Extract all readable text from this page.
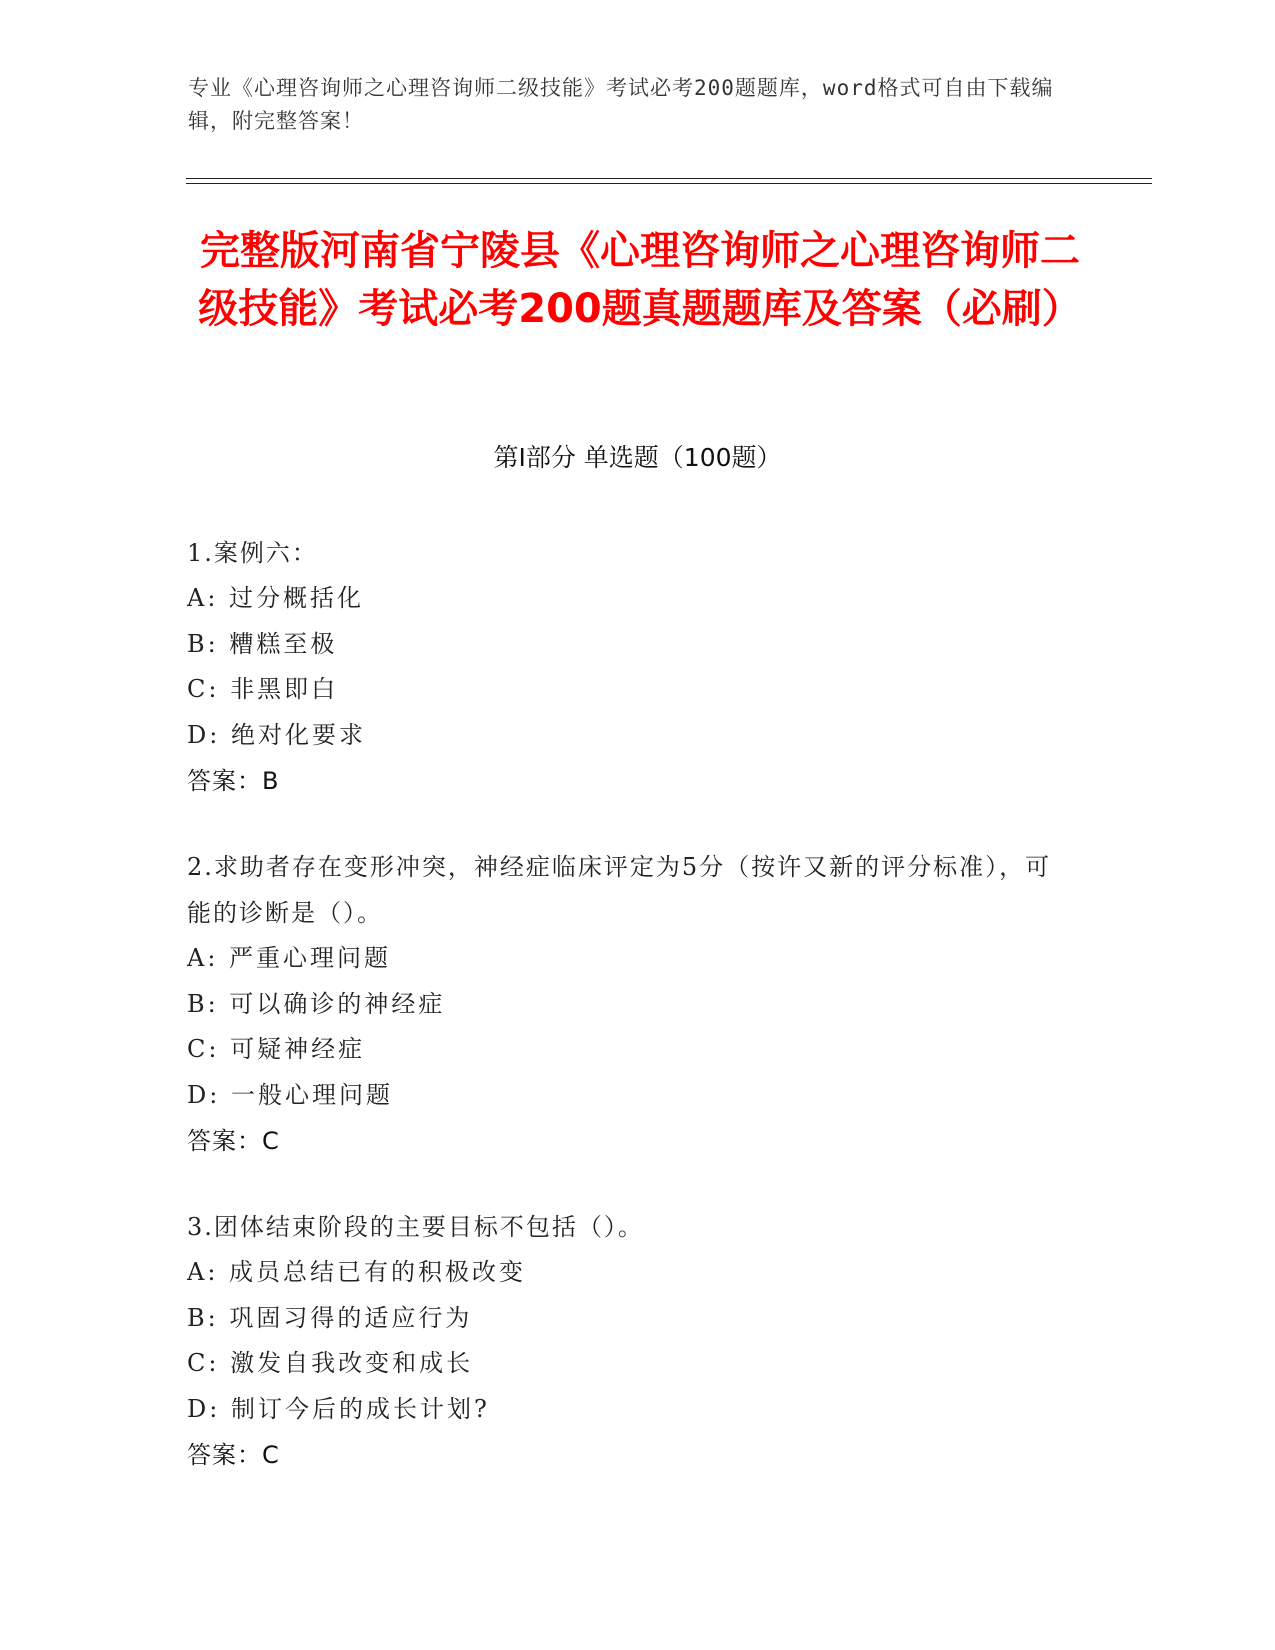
专业《心理咨询师之心理咨询师二级技能》考试必考200题题库，word格式可自由下载编辑，附完整答案！
完整版河南省宁陵县《心理咨询师之心理咨询师二级技能》考试必考200题真题题库及答案（必刷）
第Ⅰ部分 单选题（100题）
1.案例六：
A: 过分概括化
B: 糟糕至极
C: 非黑即白
D: 绝对化要求
答案：B
2.求助者存在变形冲突，神经症临床评定为5分（按许又新的评分标准），可能的诊断是（）。
A: 严重心理问题
B: 可以确诊的神经症
C: 可疑神经症
D: 一般心理问题
答案：C
3.团体结束阶段的主要目标不包括（）。
A: 成员总结已有的积极改变
B: 巩固习得的适应行为
C: 激发自我改变和成长
D: 制订今后的成长计划?
答案：C
